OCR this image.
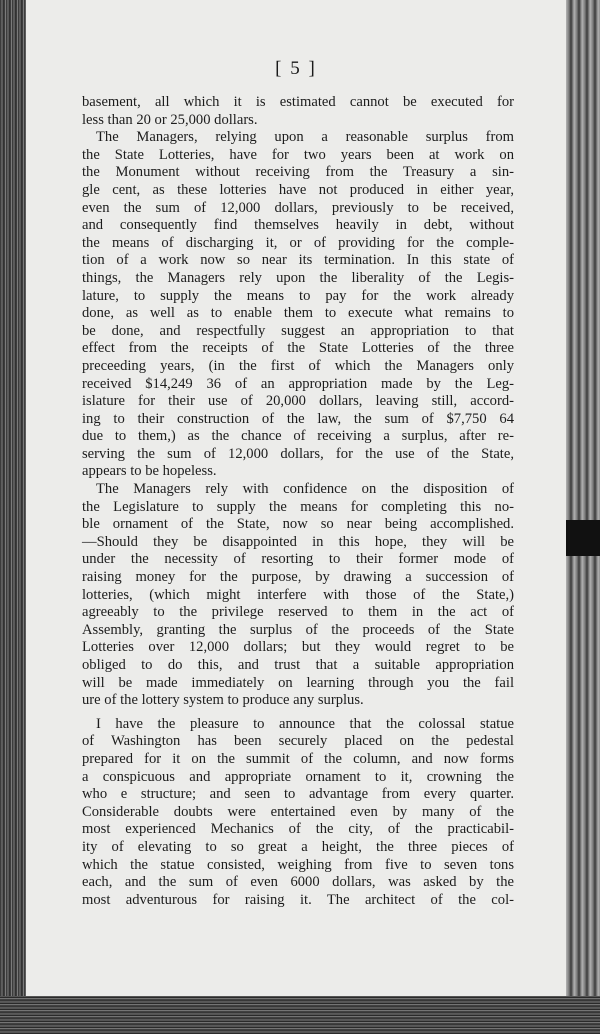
[ 5 ]

basement, all which it is estimated cannot be executed for
less than 20 or 25,000 dollars.

The Managers, relying upon a reasonable surplus from
the State Lotteries, have for two years been at work on
the Monument without receiving from the Treasury a sin-
gle cent, as these lotteries have not produced in either year,
even the sum of 12,000 dollars, previously to be received,
and consequently find themselves heavily in debt, without
the means of discharging it, or of providing for the comple-
tion of a work now so near its termination. In this state of
things, the Managers rely upon the liberality of the Legis-
lature, to supply the means to pay for the work already
done, as well as to enable them to execute what remains to
be done, and respectfully suggest an appropriation to that
effect from the receipts of the State Lotteries of the three
preceeding years, (in the first of which the Managers only
received $14,249 36 of an appropriation made by the Leg-
islature for their use of 20,000 dollars, leaving still, accord-
ing to their construction of the law, the sum of $7,750 64
due to them,) as the chance of receiving a surplus, after re-
serving the sum of 12,000 dollars, for the use of the State,
appears to be hopeless.

The Managers rely with confidence on the disposition of
the Legislature to supply the means for completing this no-
ble ornament of the State, now so near being accomplished.
—Should they be disappointed in this hope, they will be
under the necessity of resorting to their former mode of
raising money for the purpose, by drawing a succession of
lotteries, (which might interfere with those of the State,)
agreeably to the privilege reserved to them in the act of
Assembly, granting the surplus of the proceeds of the State
Lotteries over 12,000 dollars; but they would regret to be
obliged to do this, and trust that a suitable appropriation
will be made immediately on learning through you the fail
ure of the lottery system to produce any surplus.

I have the pleasure to announce that the colossal statue
of Washington has been securely placed on the pedestal
prepared for it on the summit of the column, and now forms
a conspicuous and appropriate ornament to it, crowning the
who e structure; and seen to advantage from every quarter.
Considerable doubts were entertained even by many of the
most experienced Mechanics of the city, of the practicabil-
ity of elevating to so great a height, the three pieces of
which the statue consisted, weighing from five to seven tons
each, and the sum of even 6000 dollars, was asked by the
most adventurous for raising it. The architect of the col-
